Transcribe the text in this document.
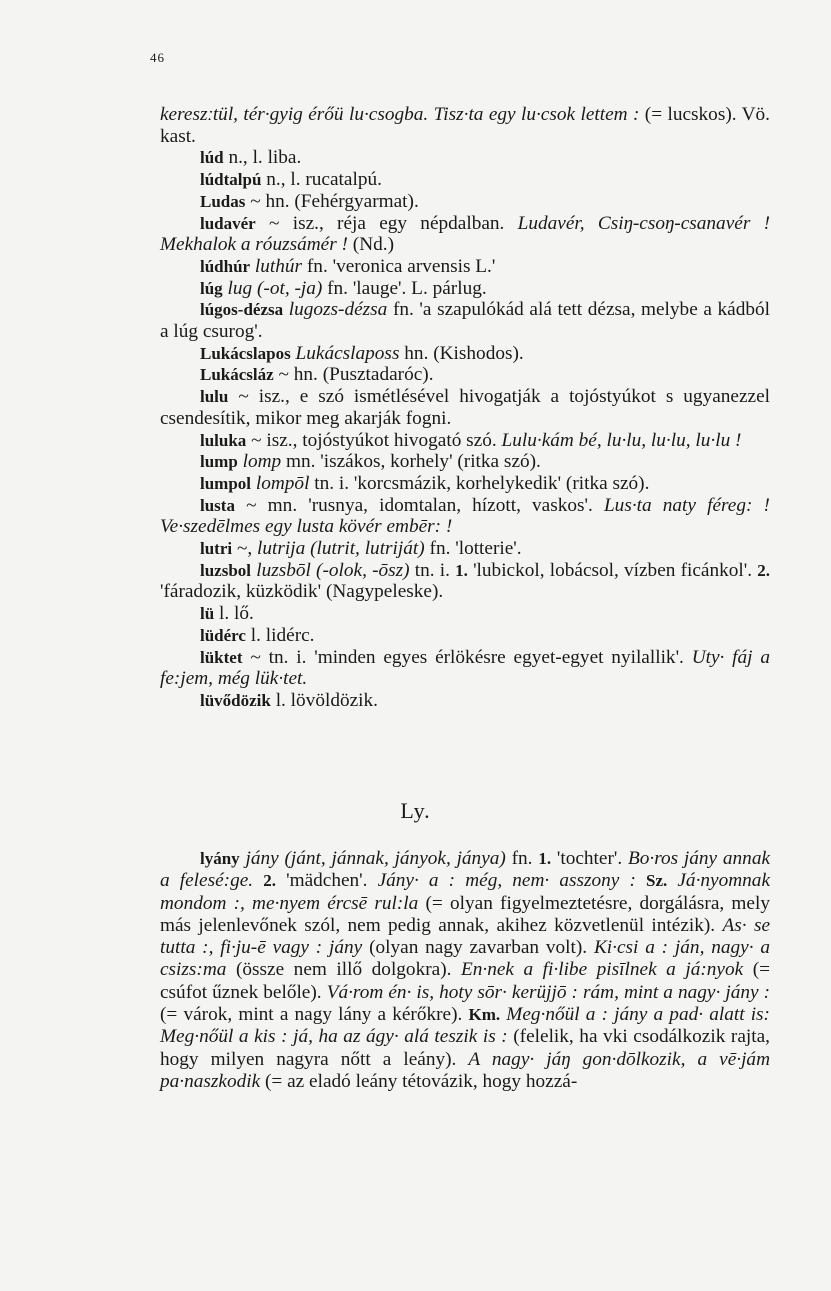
46

kereszːtül, tér·gyig érőü lu·csogba. Tisz·ta egy lu·csok lettem : (= lucskos). Vö. kast.

lúd n., l. liba.

lúdtalpú n., l. rucatalpú.

Ludas ~ hn. (Fehérgyarmat).

ludavér ~ isz., réja egy népdalban. Ludavér, Csiŋ-csoŋ-csanavér ! Mekhalok a róuzsámér ! (Nd.)

lúdhúr luthúr fn. 'veronica arvensis L.'

lúg lug (-ot, -ja) fn. 'lauge'. L. párlug.

lúgos-dézsa lugozs-dézsa fn. 'a szapulókád alá tett dézsa, melybe a kádból a lúg csurog'.

Lukácslapos Lukácslaposs hn. (Kishodos).

Lukácsláz ~ hn. (Pusztadaróc).

lulu ~ isz., e szó ismétlésével hivogatják a tojóstyúkot s ugyanezzel csendesítik, mikor meg akarják fogni.

luluka ~ isz., tojóstyúkot hivogató szó. Lulu·kám bé, lu·lu, lu·lu, lu·lu !

lump lomp mn. 'iszákos, korhely' (ritka szó).

lumpol lompōl tn. i. 'korcsmázik, korhelykedik' (ritka szó).

lusta ~ mn. 'rusnya, idomtalan, hízott, vaskos'. Lus·ta naty féreg: ! Ve·szedēlmes egy lusta kövér embēr: !

lutri ~, lutrija (lutrit, lutriját) fn. 'lotterie'.

luzsbol luzsbōl (-olok, -ōsz) tn. i. 1. 'lubickol, lobácsol, vízben ficánkol'. 2. 'fáradozik, küzködik' (Nagypeleske).

lü l. lő.

lüdérc l. lidérc.

lüktet ~ tn. i. 'minden egyes érlökésre egyet-egyet nyilallik'. Uty· fáj a fe:jem, még lük·tet.

lüvődözik l. lövöldözik.

Ly.

lyány jány (jánt, jánnak, jányok, jánya) fn. 1. 'tochter'. Bo·ros jány annak a felesé:ge. 2. 'mädchen'. Jány· a : még, nem· asszony : Sz. Já·nyomnak mondom :, me·nyem ércsē rul:la (= olyan figyelmeztetésre, dorgálásra, mely más jelenlevőnek szól, nem pedig annak, akihez közvetlenül intézik). As· se tutta :, fi·ju-ē vagy : jány (olyan nagy zavarban volt). Ki·csi a : ján, nagy· a csizs:ma (össze nem illő dolgokra). En·nek a fi·libe pisīlnek a já:nyok (= csúfot űznek belőle). Vá·rom én· is, hoty sōr· kerüjjō : rám, mint a nagy· jány : (= várok, mint a nagy lány a kérőkre). Km. Meg·nőül a : jány a pad· alatt is: Meg·nőül a kis : já, ha az ágy· alá teszik is : (felelik, ha vki csodálkozik rajta, hogy milyen nagyra nőtt a leány). A nagy· jáŋ gon·dōlkozik, a vē·jám pa·naszkodik (= az eladó leány tétovázik, hogy hozzá-
